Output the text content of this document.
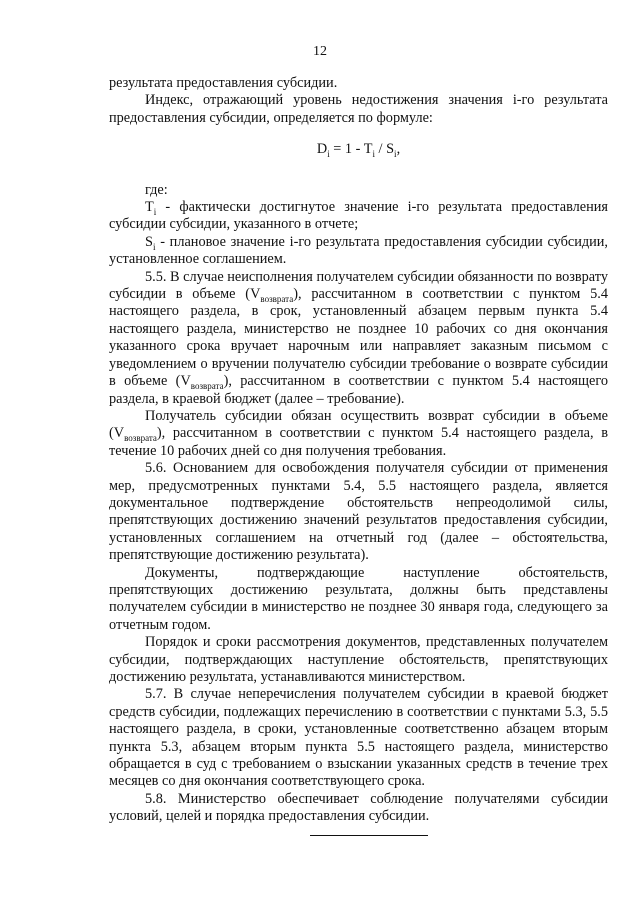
12

результата предоставления субсидии.

Индекс, отражающий уровень недостижения значения i-го результата предоставления субсидии, определяется по формуле:

$D_i = 1 - T_i / S_i$,

где:

$T_i$ - фактически достигнутое значение i-го результата предоставления субсидии субсидии, указанного в отчете;

$S_i$ - плановое значение i-го результата предоставления субсидии субсидии, установленное соглашением.

5.5. В случае неисполнения получателем субсидии обязанности по возврату субсидии в объеме $(V_{возврата})$, рассчитанном в соответствии с пунктом 5.4 настоящего раздела, в срок, установленный абзацем первым пункта 5.4 настоящего раздела, министерство не позднее 10 рабочих со дня окончания указанного срока вручает нарочным или направляет заказным письмом с уведомлением о вручении получателю субсидии требование о возврате субсидии в объеме $(V_{возврата})$, рассчитанном в соответствии с пунктом 5.4 настоящего раздела, в краевой бюджет (далее – требование).

Получатель субсидии обязан осуществить возврат субсидии в объеме $(V_{возврата})$, рассчитанном в соответствии с пунктом 5.4 настоящего раздела, в течение 10 рабочих дней со дня получения требования.

5.6. Основанием для освобождения получателя субсидии от применения мер, предусмотренных пунктами 5.4, 5.5 настоящего раздела, является документальное подтверждение обстоятельств непреодолимой силы, препятствующих достижению значений результатов предоставления субсидии, установленных соглашением на отчетный год (далее – обстоятельства, препятствующие достижению результата).

Документы, подтверждающие наступление обстоятельств, препятствующих достижению результата, должны быть представлены получателем субсидии в министерство не позднее 30 января года, следующего за отчетным годом.

Порядок и сроки рассмотрения документов, представленных получателем субсидии, подтверждающих наступление обстоятельств, препятствующих достижению результата, устанавливаются министерством.

5.7. В случае неперечисления получателем субсидии в краевой бюджет средств субсидии, подлежащих перечислению в соответствии с пунктами 5.3, 5.5 настоящего раздела, в сроки, установленные соответственно абзацем вторым пункта 5.3, абзацем вторым пункта 5.5 настоящего раздела, министерство обращается в суд с требованием о взыскании указанных средств в течение трех месяцев со дня окончания соответствующего срока.

5.8. Министерство обеспечивает соблюдение получателями субсидии условий, целей и порядка предоставления субсидии.
